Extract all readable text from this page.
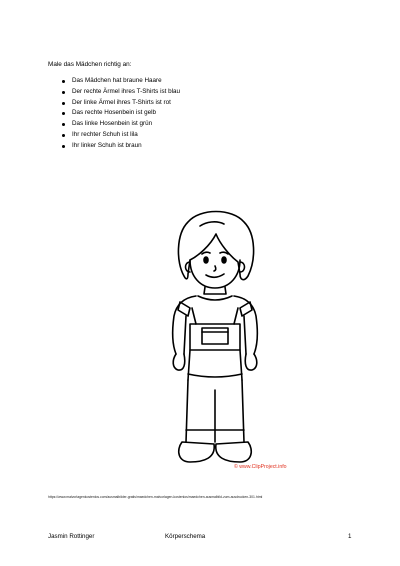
Male das Mädchen richtig an:

Das Mädchen hat braune Haare
Der rechte Ärmel ihres T-Shirts ist blau
Der linke Ärmel ihres T-Shirts ist rot
Das rechte Hosenbein ist gelb
Das linke Hosenbein ist grün
Ihr rechter Schuh ist lila
Ihr linker Schuh ist braun
© www.ClipProject.info

https://www.malvorlagenkostenlos.com/ausmalbilder-gratis/maedchen-malvorlagen-kostenlos/maedchen-ausmalbild-zum-ausdrucken-301.html

Jasmin Rottinger	Körperschema	1
